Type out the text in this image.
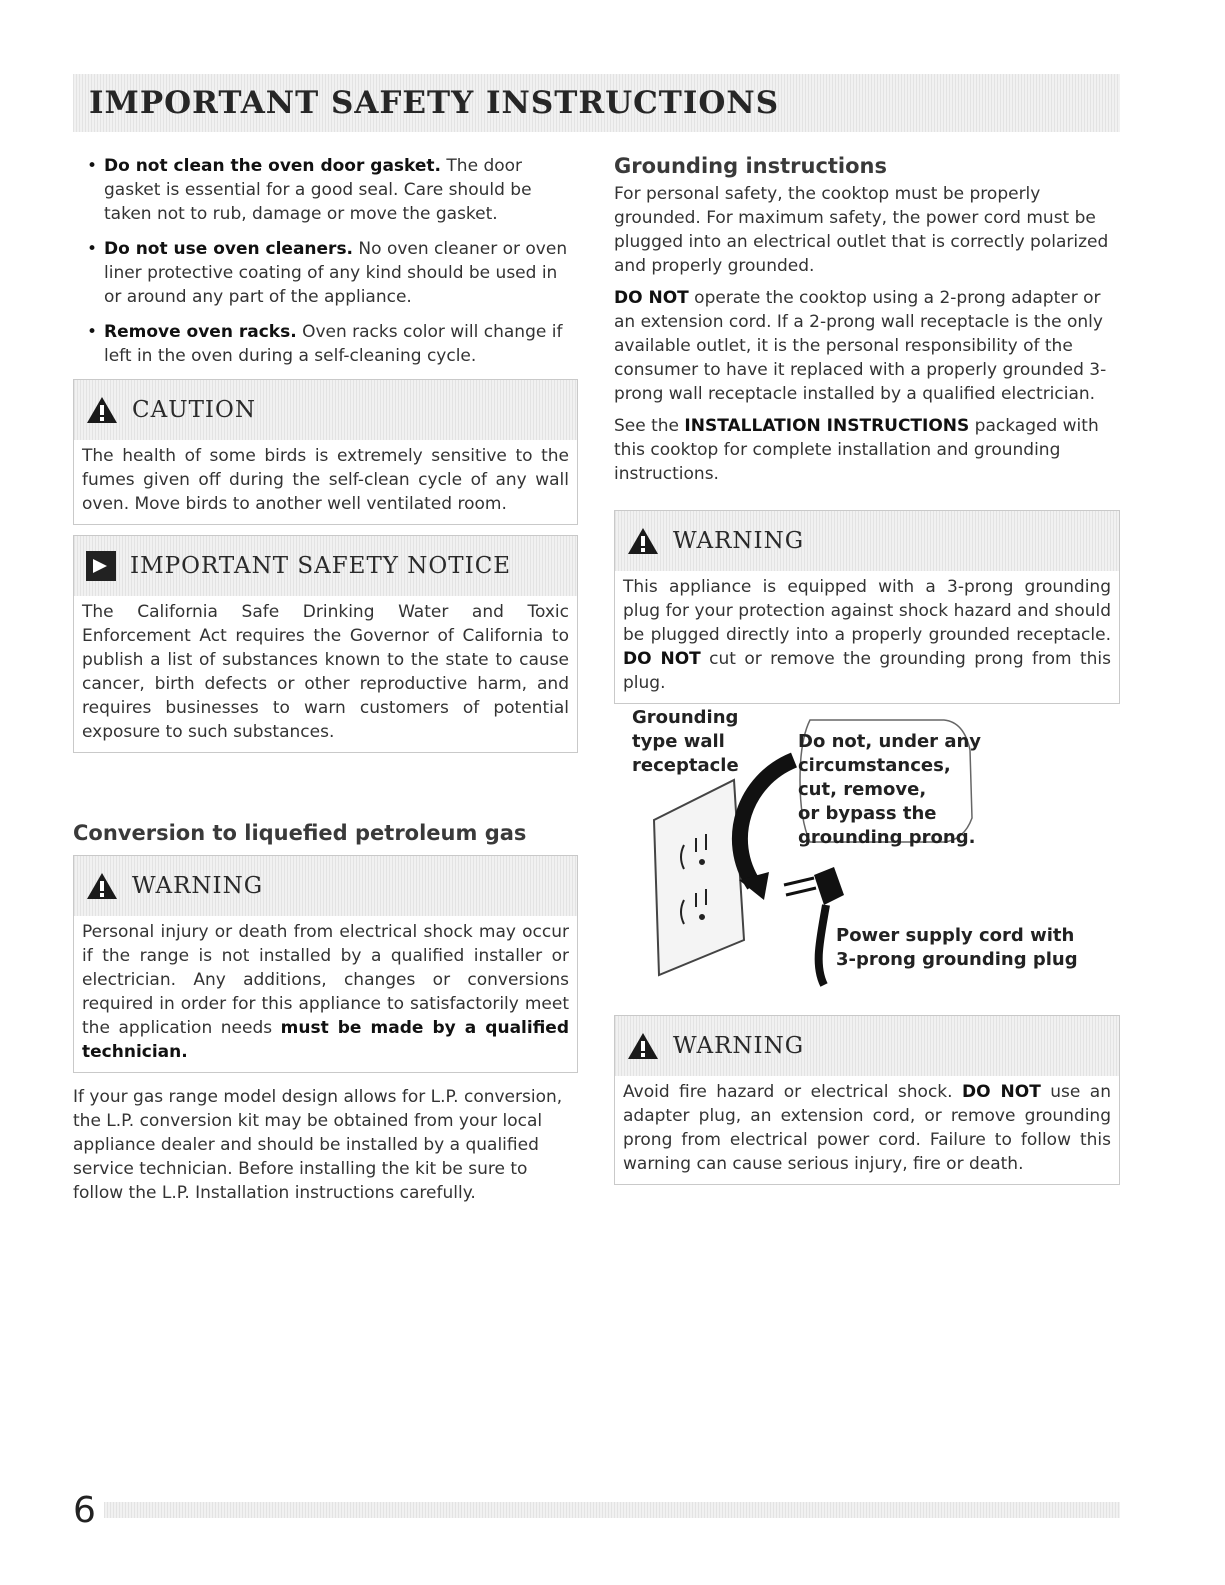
IMPORTANT SAFETY INSTRUCTIONS
• Do not clean the oven door gasket. The door gasket is essential for a good seal. Care should be taken not to rub, damage or move the gasket.
• Do not use oven cleaners. No oven cleaner or oven liner protective coating of any kind should be used in or around any part of the appliance.
• Remove oven racks. Oven racks color will change if left in the oven during a self-cleaning cycle.
CAUTION
The health of some birds is extremely sensitive to the fumes given off during the self-clean cycle of any wall oven. Move birds to another well ventilated room.
IMPORTANT SAFETY NOTICE
The California Safe Drinking Water and Toxic Enforcement Act requires the Governor of California to publish a list of substances known to the state to cause cancer, birth defects or other reproductive harm, and requires businesses to warn customers of potential exposure to such substances.
Conversion to liquefied petroleum gas
WARNING
Personal injury or death from electrical shock may occur if the range is not installed by a qualified installer or electrician. Any additions, changes or conversions required in order for this appliance to satisfactorily meet the application needs must be made by a qualified technician.

If your gas range model design allows for L.P. conversion, the L.P. conversion kit may be obtained from your local appliance dealer and should be installed by a qualified service technician. Before installing the kit be sure to follow the L.P. Installation instructions carefully.

Grounding instructions

For personal safety, the cooktop must be properly grounded. For maximum safety, the power cord must be plugged into an electrical outlet that is correctly polarized and properly grounded.

DO NOT operate the cooktop using a 2-prong adapter or an extension cord. If a 2-prong wall receptacle is the only available outlet, it is the personal responsibility of the consumer to have it replaced with a properly grounded 3-prong wall receptacle installed by a qualified electrician.

See the INSTALLATION INSTRUCTIONS packaged with this cooktop for complete installation and grounding instructions.

WARNING
This appliance is equipped with a 3-prong grounding plug for your protection against shock hazard and should be plugged directly into a properly grounded receptacle. DO NOT cut or remove the grounding prong from this plug.
Grounding
type wall
receptacle
Do not, under any
circumstances,
cut, remove,
or bypass the
grounding prong.
Power supply cord with
3-prong grounding plug
WARNING
Avoid fire hazard or electrical shock. DO NOT use an adapter plug, an extension cord, or remove grounding prong from electrical power cord. Failure to follow this warning can cause serious injury, fire or death.
6
